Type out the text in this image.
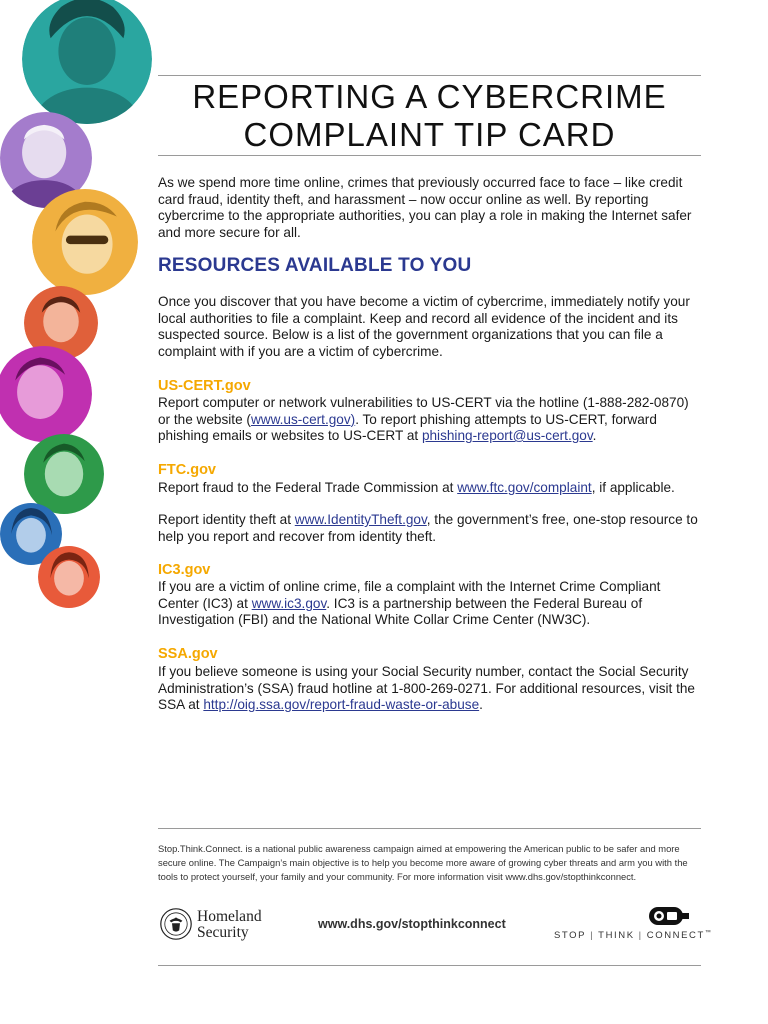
REPORTING A CYBERCRIME
COMPLAINT TIP CARD

As we spend more time online, crimes that previously occurred face to face – like credit card fraud, identity theft, and harassment – now occur online as well. By reporting cybercrime to the appropriate authorities, you can play a role in making the Internet safer and more secure for all.

RESOURCES AVAILABLE TO YOU

Once you discover that you have become a victim of cybercrime, immediately notify your local authorities to file a complaint. Keep and record all evidence of the incident and its suspected source. Below is a list of the government organizations that you can file a complaint with if you are a victim of cybercrime.

US-CERT.gov

Report computer or network vulnerabilities to US-CERT via the hotline (1-888-282-0870) or the website (www.us-cert.gov). To report phishing attempts to US-CERT, forward phishing emails or websites to US-CERT at phishing-report@us-cert.gov.

FTC.gov

Report fraud to the Federal Trade Commission at www.ftc.gov/complaint, if applicable.

Report identity theft at www.IdentityTheft.gov, the government’s free, one-stop resource to help you report and recover from identity theft.

IC3.gov

If you are a victim of online crime, file a complaint with the Internet Crime Compliant Center (IC3) at www.ic3.gov. IC3 is a partnership between the Federal Bureau of Investigation (FBI) and the National White Collar Crime Center (NW3C).

SSA.gov

If you believe someone is using your Social Security number, contact the Social Security Administration’s (SSA) fraud hotline at 1-800-269-0271. For additional resources, visit the SSA at http://oig.ssa.gov/report-fraud-waste-or-abuse.

Stop.Think.Connect. is a national public awareness campaign aimed at empowering the American public to be safer and more secure online. The Campaign’s main objective is to help you become more aware of growing cyber threats and arm you with the tools to protect yourself, your family and your community. For more information visit www.dhs.gov/stopthinkconnect.

Homeland
Security	www.dhs.gov/stopthinkconnect
STOP | THINK | CONNECT™
